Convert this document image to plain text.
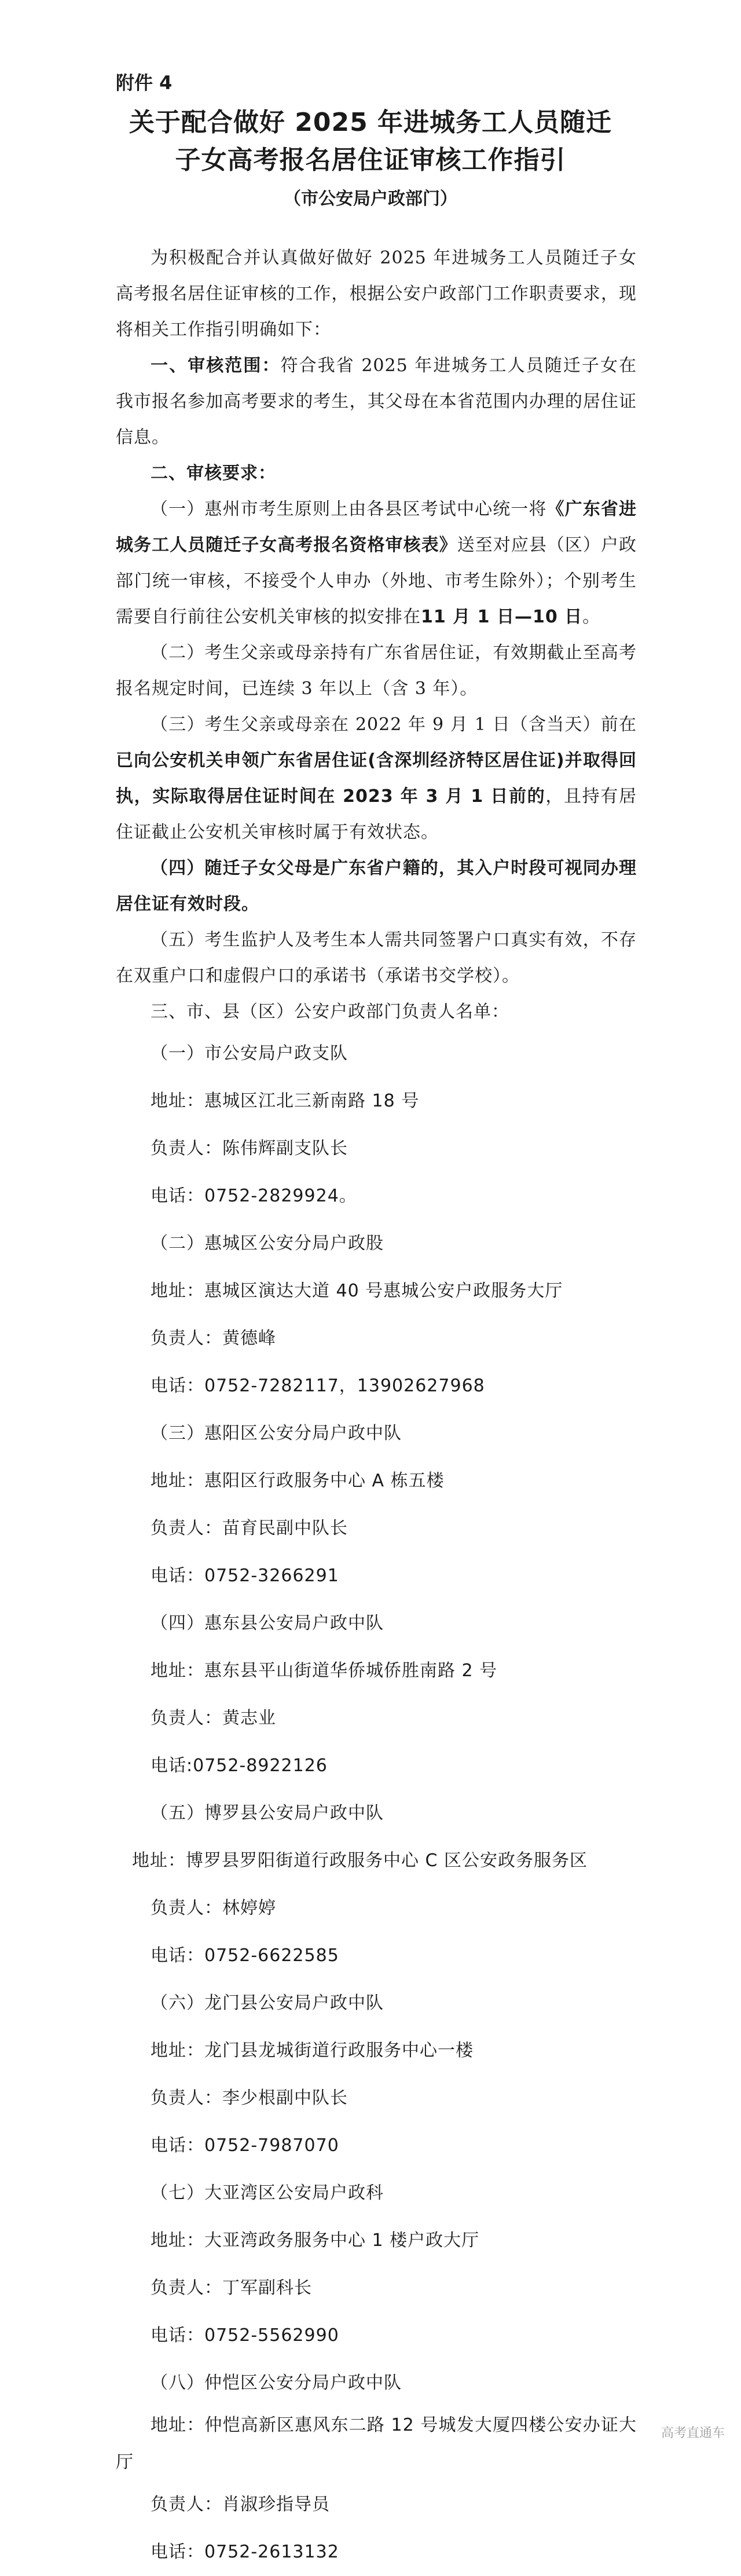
附件 4
关于配合做好 2025 年进城务工人员随迁
子女高考报名居住证审核工作指引
（市公安局户政部门）

为积极配合并认真做好做好 2025 年进城务工人员随迁子女高考报名居住证审核的工作，根据公安户政部门工作职责要求，现将相关工作指引明确如下：

一、审核范围：符合我省 2025 年进城务工人员随迁子女在我市报名参加高考要求的考生，其父母在本省范围内办理的居住证信息。

二、审核要求：

（一）惠州市考生原则上由各县区考试中心统一将《广东省进城务工人员随迁子女高考报名资格审核表》送至对应县（区）户政部门统一审核，不接受个人申办（外地、市考生除外）；个别考生需要自行前往公安机关审核的拟安排在11 月 1 日—10 日。

（二）考生父亲或母亲持有广东省居住证，有效期截止至高考报名规定时间，已连续 3 年以上（含 3 年）。

（三）考生父亲或母亲在 2022 年 9 月 1 日（含当天）前在已向公安机关申领广东省居住证(含深圳经济特区居住证)并取得回执，实际取得居住证时间在 2023 年 3 月 1 日前的，且持有居住证截止公安机关审核时属于有效状态。

（四）随迁子女父母是广东省户籍的，其入户时段可视同办理居住证有效时段。

（五）考生监护人及考生本人需共同签署户口真实有效，不存在双重户口和虚假户口的承诺书（承诺书交学校）。

三、市、县（区）公安户政部门负责人名单：

（一）市公安局户政支队

地址：惠城区江北三新南路 18 号

负责人：陈伟辉副支队长

电话：0752-2829924。

（二）惠城区公安分局户政股

地址：惠城区演达大道 40 号惠城公安户政服务大厅

负责人：黄德峰

电话：0752-7282117，13902627968

（三）惠阳区公安分局户政中队

地址：惠阳区行政服务中心 A 栋五楼

负责人：苗育民副中队长

电话：0752-3266291

（四）惠东县公安局户政中队

地址：惠东县平山街道华侨城侨胜南路 2 号

负责人：黄志业

电话:0752-8922126

（五）博罗县公安局户政中队

地址：博罗县罗阳街道行政服务中心 C 区公安政务服务区

负责人：林婷婷

电话：0752-6622585

（六）龙门县公安局户政中队

地址：龙门县龙城街道行政服务中心一楼

负责人：李少根副中队长

电话：0752-7987070

（七）大亚湾区公安局户政科

地址：大亚湾政务服务中心 1 楼户政大厅

负责人：丁军副科长

电话：0752-5562990

（八）仲恺区公安分局户政中队

地址：仲恺高新区惠风东二路 12 号城发大厦四楼公安办证大厅

负责人：肖淑珍指导员

电话：0752-2613132

高考直通车
